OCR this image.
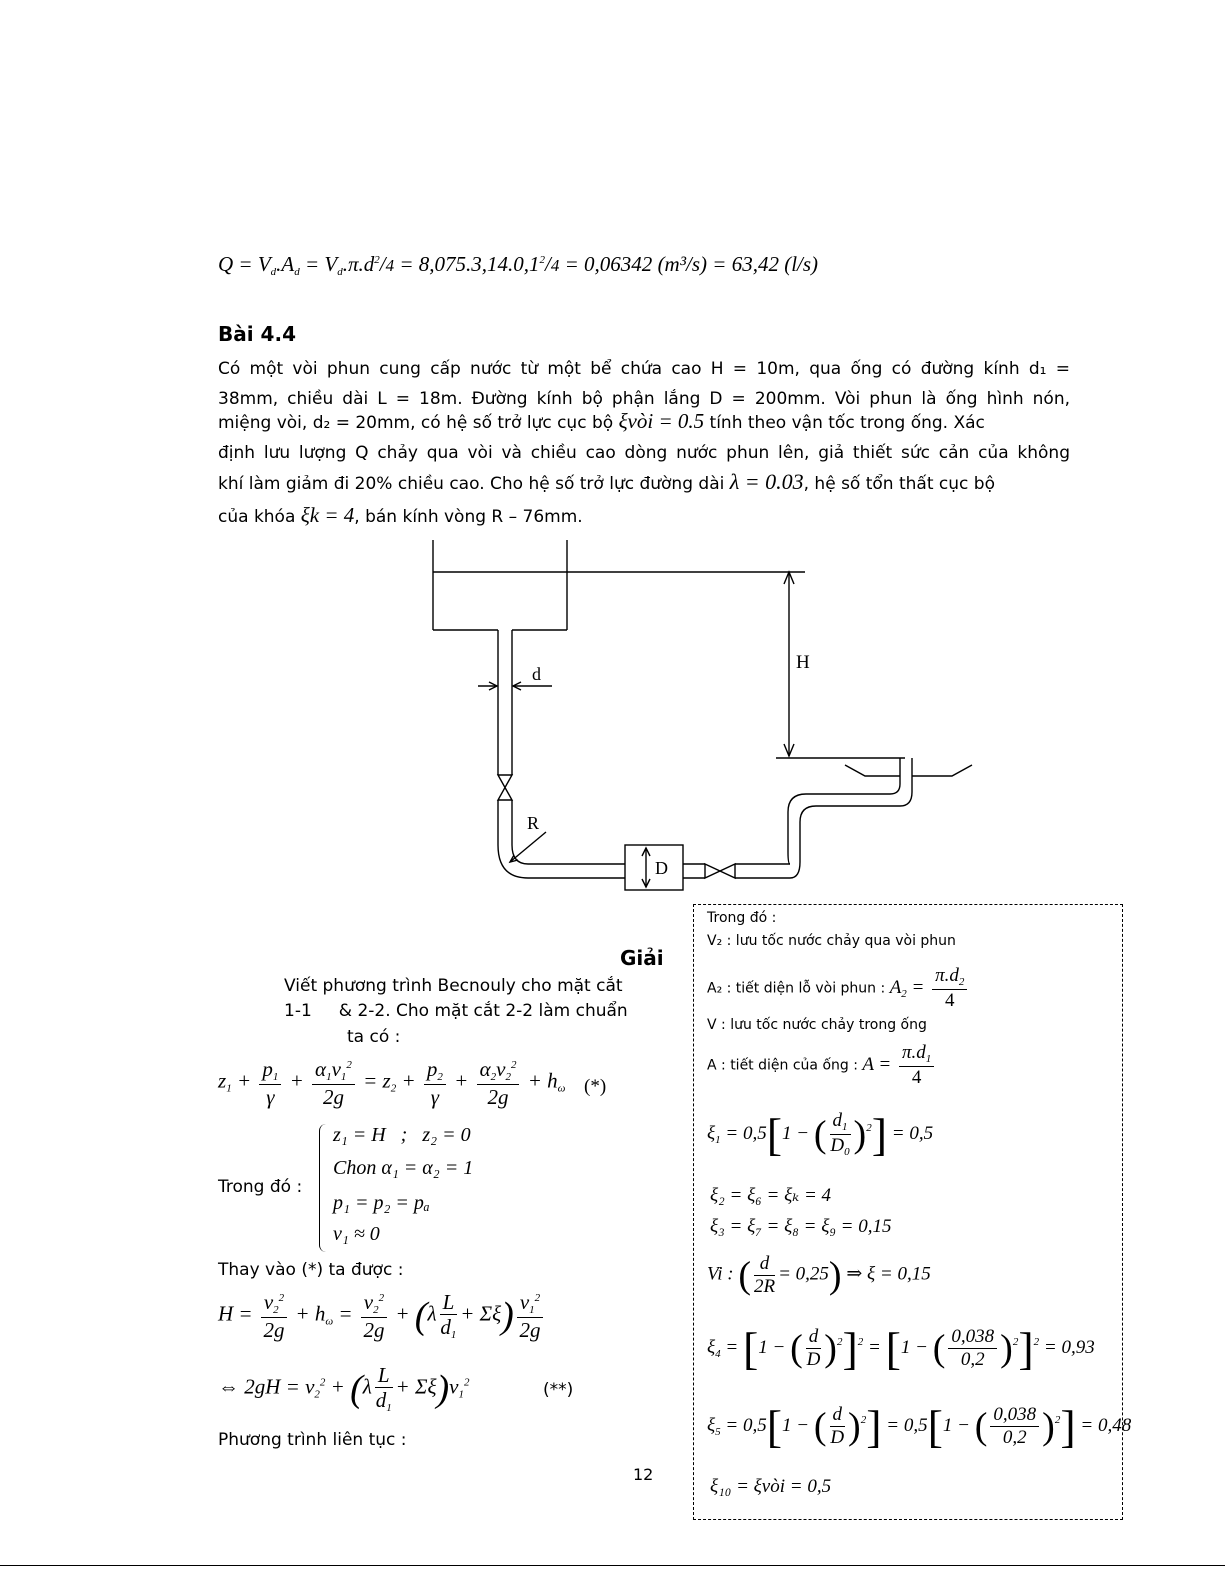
$Q = V_d.A_d = V_d.\pi.d^2/4 = 8,075.3,14.0,1^2/4 = 0,06342$ (m³/s) = 63,42 (l/s)
Bài 4.4
Có một vòi phun cung cấp nước từ một bể chứa cao H = 10m, qua ống có đường kính d₁ =
38mm, chiều dài L = 18m. Đường kính bộ phận lắng D = 200mm. Vòi phun là ống hình nón,
miệng vòi, d₂ = 20mm, có hệ số trở lực cục bộ ξvòi = 0.5 tính theo vận tốc trong ống. Xác
định lưu lượng Q chảy qua vòi và chiều cao dòng nước phun lên, giả thiết sức cản của không
khí làm giảm đi 20% chiều cao. Cho hệ số trở lực đường dài λ = 0.03, hệ số tổn thất cục bộ
của khóa ξk = 4, bán kính vòng R – 76mm.
H
d
R
D
Giải
Viết phương trình Becnouly cho mặt cắt
1-1     & 2-2. Cho mặt cắt 2-2 làm chuẩn
ta có :
$z_1 + \frac{p_1}{\gamma} + \frac{\alpha_1v_1^2}{2g} = z_2 + \frac{p_2}{\gamma} + \frac{\alpha_2v_2^2}{2g} + h_\omega$ (*)
Trong đó :
z₁ = H   ;   z₂ = 0
Chon α₁ = α₂ = 1
p₁ = p₂ = pₐ
v₁ ≈ 0
Thay vào (*) ta được :
$H = \frac{v_2^2}{2g} + h_\omega = \frac{v_2^2}{2g} + (\lambda \frac{L}{d_1} + \Sigma\xi) \frac{v_1^2}{2g}$
⇔ $2gH = v_2^2 + (\lambda \frac{L}{d_1} + \Sigma\xi)v_1^2$	(**)
Phương trình liên tục :
12
Trong đó :
V₂ : lưu tốc nước chảy qua vòi phun
A₂ : tiết diện lỗ vòi phun : $A_2 = \frac{\pi.d_2}{4}$
V : lưu tốc nước chảy trong ống
A : tiết diện của ống : $A = \frac{\pi.d_1}{4}$
$\xi_1 = 0,5[1$ − ( $\frac{d_1}{D_0} )^2] = 0,5$
ξ₂ = ξ₆ = ξₖ = 4
ξ₃ = ξ₇ = ξ₈ = ξ₉ = 0,15
Vi : ( $\frac{d}{2R} = 0,25$) ⇒ ξ = 0,15
$\xi_4 = [1$ − ( $\frac{d}{D} )^2]^2 = [1$ − ( $\frac{0,038}{0,2} )^2]^2 = 0,93$
$\xi_5 = 0,5[1$ − ( $\frac{d}{D} )^2] = 0,5[1$ − ( $\frac{0,038}{0,2} )^2] = 0,48$
ξ₁₀ = ξvòi = 0,5
